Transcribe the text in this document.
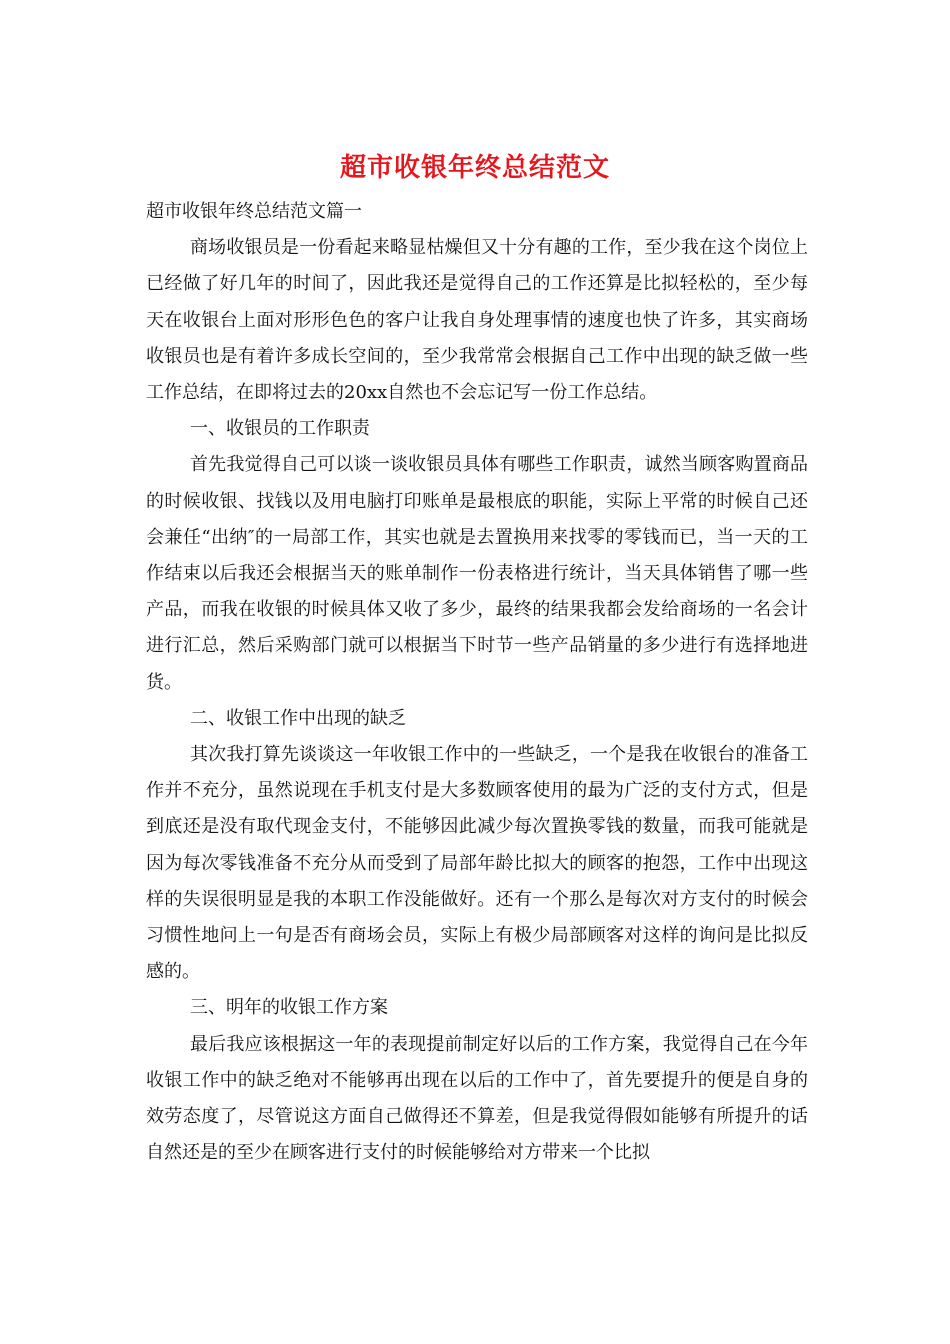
超市收银年终总结范文

超市收银年终总结范文篇一

商场收银员是一份看起来略显枯燥但又十分有趣的工作，至少我在这个岗位上已经做了好几年的时间了，因此我还是觉得自己的工作还算是比拟轻松的，至少每天在收银台上面对形形色色的客户让我自身处理事情的速度也快了许多，其实商场收银员也是有着许多成长空间的，至少我常常会根据自己工作中出现的缺乏做一些工作总结，在即将过去的20xx自然也不会忘记写一份工作总结。

一、收银员的工作职责

首先我觉得自己可以谈一谈收银员具体有哪些工作职责，诚然当顾客购置商品的时候收银、找钱以及用电脑打印账单是最根底的职能，实际上平常的时候自己还会兼任“出纳″的一局部工作，其实也就是去置换用来找零的零钱而已，当一天的工作结束以后我还会根据当天的账单制作一份表格进行统计，当天具体销售了哪一些产品，而我在收银的时候具体又收了多少，最终的结果我都会发给商场的一名会计进行汇总，然后采购部门就可以根据当下时节一些产品销量的多少进行有选择地进货。

二、收银工作中出现的缺乏

其次我打算先谈谈这一年收银工作中的一些缺乏，一个是我在收银台的准备工作并不充分，虽然说现在手机支付是大多数顾客使用的最为广泛的支付方式，但是到底还是没有取代现金支付，不能够因此减少每次置换零钱的数量，而我可能就是因为每次零钱准备不充分从而受到了局部年龄比拟大的顾客的抱怨，工作中出现这样的失误很明显是我的本职工作没能做好。还有一个那么是每次对方支付的时候会习惯性地问上一句是否有商场会员，实际上有极少局部顾客对这样的询问是比拟反感的。

三、明年的收银工作方案

最后我应该根据这一年的表现提前制定好以后的工作方案，我觉得自己在今年收银工作中的缺乏绝对不能够再出现在以后的工作中了，首先要提升的便是自身的效劳态度了，尽管说这方面自己做得还不算差，但是我觉得假如能够有所提升的话自然还是的至少在顾客进行支付的时候能够给对方带来一个比拟
